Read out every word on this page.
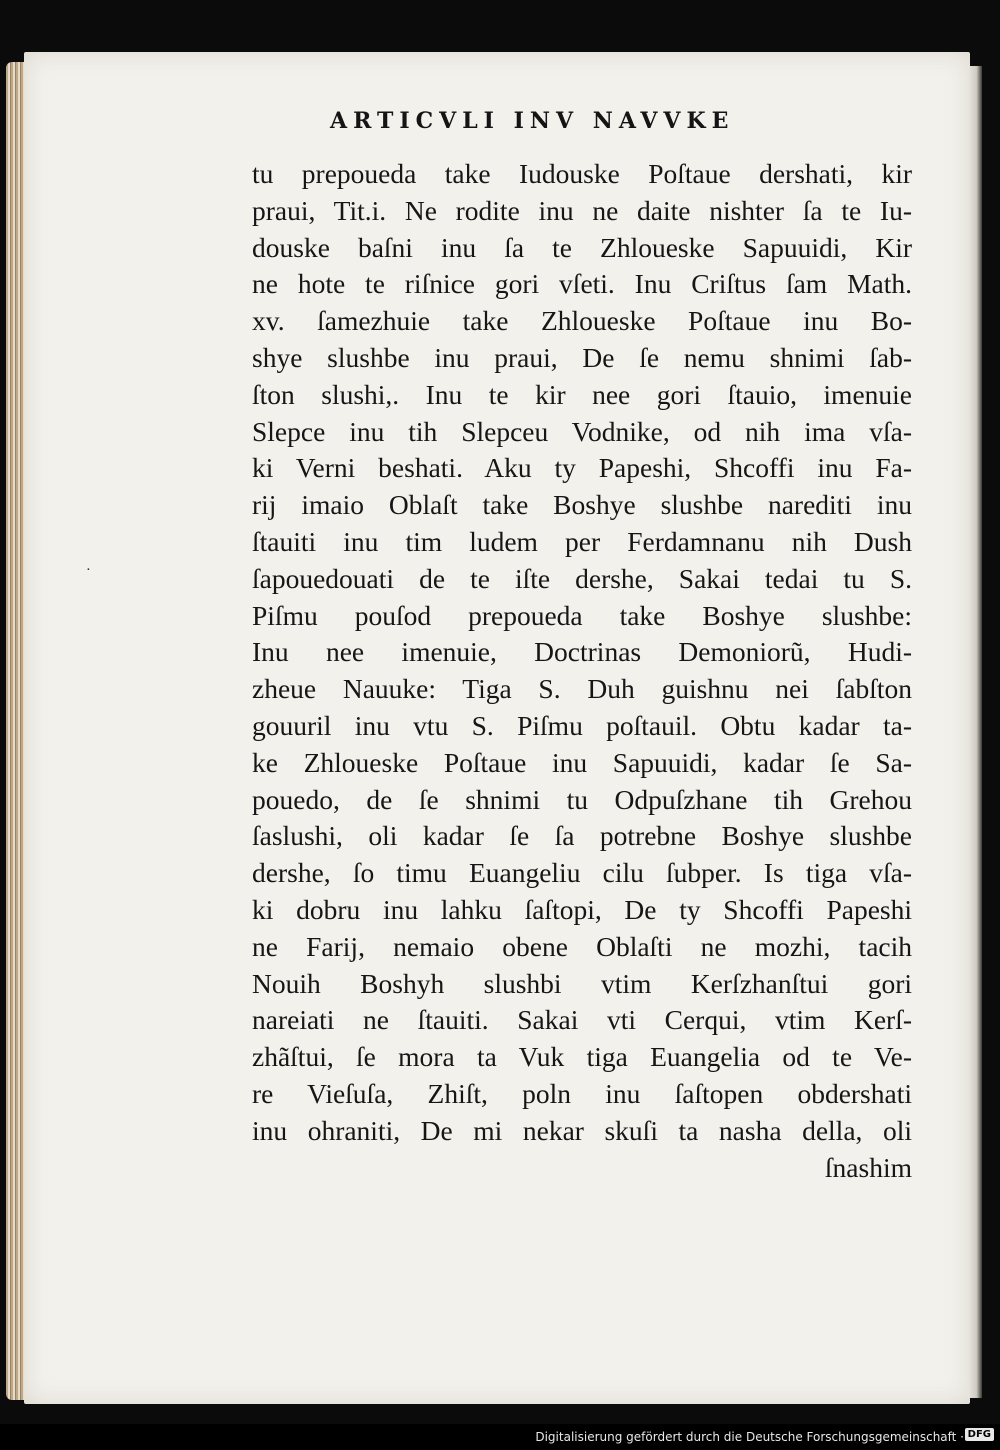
ARTICVLI INV NAVVKE
⋅
tu prepoueda take Iudouske Poſtaue dershati, kir
praui, Tit.i. Ne rodite inu ne daite nishter ſa te Iu-
douske baſni inu ſa te Zhloueske Sapuuidi, Kir
ne hote te riſnice gori vſeti. Inu Criſtus ſam Math.
xv. ſamezhuie take Zhloueske Poſtaue inu Bo-
shye slushbe inu praui, De ſe nemu shnimi ſab-
ſton slushi,. Inu te kir nee gori ſtauio, imenuie
Slepce inu tih Slepceu Vodnike, od nih ima vſa-
ki Verni beshati. Aku ty Papeshi, Shcoffi inu Fa-
rij imaio Oblaſt take Boshye slushbe narediti inu
ſtauiti inu tim ludem per Ferdamnanu nih Dush
ſapouedouati de te iſte dershe, Sakai tedai tu S.
Piſmu pouſod prepoueda take Boshye slushbe:
Inu nee imenuie, Doctrinas Demoniorũ, Hudi-
zheue Nauuke: Tiga S. Duh guishnu nei ſabſton
gouuril inu vtu S. Piſmu poſtauil. Obtu kadar ta-
ke Zhloueske Poſtaue inu Sapuuidi, kadar ſe Sa-
pouedo, de ſe shnimi tu Odpuſzhane tih Grehou
ſaslushi, oli kadar ſe ſa potrebne Boshye slushbe
dershe, ſo timu Euangeliu cilu ſubper. Is tiga vſa-
ki dobru inu lahku ſaſtopi, De ty Shcoffi Papeshi
ne Farij, nemaio obene Oblaſti ne mozhi, tacih
Nouih Boshyh slushbi vtim Kerſzhanſtui gori
nareiati ne ſtauiti. Sakai vti Cerqui, vtim Kerſ-
zhãſtui, ſe mora ta Vuk tiga Euangelia od te Ve-
re Vieſuſa, Zhiſt, poln inu ſaſtopen obdershati
inu ohraniti, De mi nekar skuſi ta nasha della, oli
ſnashim
Digitalisierung gefördert durch die Deutsche Forschungsgemeinschaft · DFG
